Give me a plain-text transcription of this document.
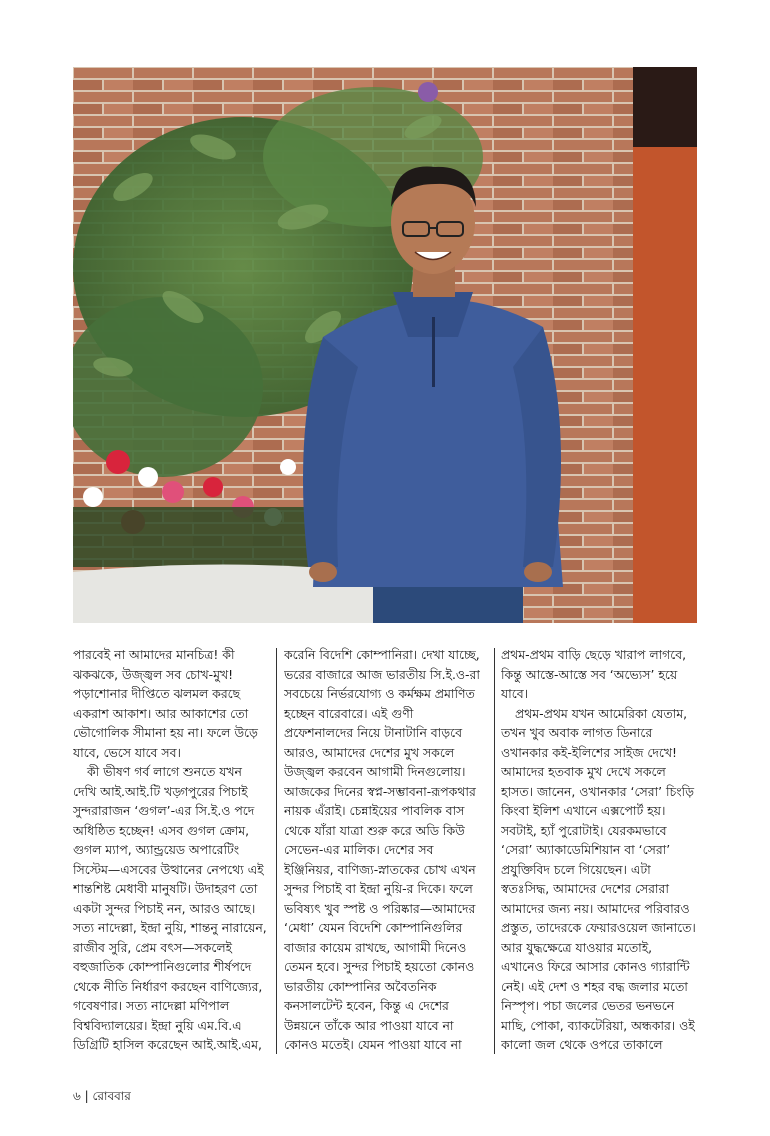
পারবেই না আমাদের মানচিত্র! কী ঝকঝকে, উজ্জ্বল সব চোখ-মুখ! পড়াশোনার দীপ্তিতে ঝলমল করছে একরাশ আকাশ। আর আকাশের তো ভৌগোলিক সীমানা হয় না। ফলে উড়ে যাবে, ভেসে যাবে সব।

কী ভীষণ গর্ব লাগে শুনতে যখন দেখি আই.আই.টি খড়্গপুরের পিচাই সুন্দরারাজন ‘গুগল’-এর সি.ই.ও পদে অধিষ্ঠিত হচ্ছেন! এসব গুগল ক্রোম, গুগল ম্যাপ, অ্যান্ড্রয়েড অপারেটিং সিস্টেম—এসবের উত্থানের নেপথ্যে এই শান্তশিষ্ট মেধাবী মানুষটি। উদাহরণ তো একটা সুন্দর পিচাই নন, আরও আছে। সত্য নাদেল্লা, ইন্দ্রা নুয়ি, শান্তনু নারায়েন, রাজীব সুরি, প্রেম বৎস—সকলেই বহুজাতিক কোম্পানিগুলোর শীর্ষপদে থেকে নীতি নির্ধারণ করছেন বাণিজ্যের, গবেষণার। সত্য নাদেল্লা মণিপাল বিশ্ববিদ্যালয়ের। ইন্দ্রা নুয়ি এম.বি.এ ডিগ্রিটি হাসিল করেছেন আই.আই.এম,

করেনি বিদেশি কোম্পানিরা। দেখা যাচ্ছে, ভরের বাজারে আজ ভারতীয় সি.ই.ও-রা সবচেয়ে নির্ভরযোগ্য ও কর্মক্ষম প্রমাণিত হচ্ছেন বারেবারে। এই গুণী প্রফেশনালদের নিয়ে টানাটানি বাড়বে আরও, আমাদের দেশের মুখ সকলে উজ্জ্বল করবেন আগামী দিনগুলোয়। আজকের দিনের স্বপ্ন-সম্ভাবনা-রূপকথার নায়ক এঁরাই। চেন্নাইয়ের পাবলিক বাস থেকে যাঁরা যাত্রা শুরু করে অডি কিউ সেভেন-এর মালিক। দেশের সব ইঞ্জিনিয়র, বাণিজ্য-স্নাতকের চোখ এখন সুন্দর পিচাই বা ইন্দ্রা নুয়ি-র দিকে। ফলে ভবিষ্যৎ খুব স্পষ্ট ও পরিষ্কার—আমাদের ‘মেধা’ যেমন বিদেশি কোম্পানিগুলির বাজার কায়েম রাখছে, আগামী দিনেও তেমন হবে। সুন্দর পিচাই হয়তো কোনও ভারতীয় কোম্পানির অবৈতনিক কনসালটেন্ট হবেন, কিন্তু এ দেশের উন্নয়নে তাঁকে আর পাওয়া যাবে না কোনও মতেই। যেমন পাওয়া যাবে না

প্রথম-প্রথম বাড়ি ছেড়ে খারাপ লাগবে, কিন্তু আস্তে-আস্তে সব ‘অভ্যেস’ হয়ে যাবে।

প্রথম-প্রথম যখন আমেরিকা যেতাম, তখন খুব অবাক লাগত ডিনারে ওখানকার কই-ইলিশের সাইজ দেখে! আমাদের হতবাক মুখ দেখে সকলে হাসত। জানেন, ওখানকার ‘সেরা’ চিংড়ি কিংবা ইলিশ এখানে এক্সপোর্ট হয়। সবটাই, হ্যাঁ পুরোটাই। যেরকমভাবে ‘সেরা’ অ্যাকাডেমিশিয়ান বা ‘সেরা’ প্রযুক্তিবিদ চলে গিয়েছেন। এটা স্বতঃসিদ্ধ, আমাদের দেশের সেরারা আমাদের জন্য নয়। আমাদের পরিবারও প্রস্তুত, তাদেরকে ফেয়ারওয়েল জানাতে। আর যুদ্ধক্ষেত্রে যাওয়ার মতোই, এখানেও ফিরে আসার কোনও গ্যারান্টি নেই। এই দেশ ও শহর বদ্ধ জলার মতো নিস্পৃপ। পচা জলের ভেতর ভনভনে মাছি, পোকা, ব্যাকটেরিয়া, অন্ধকার। ওই কালো জল থেকে ওপরে তাকালে

৬ | রোববার
